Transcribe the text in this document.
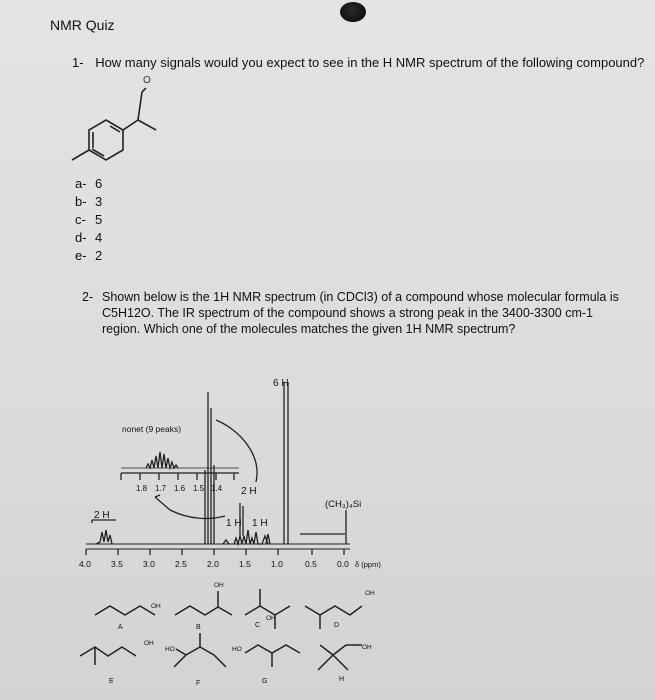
NMR Quiz
1- How many signals would you expect to see in the H NMR spectrum of the following compound?
O
a- 6
b- 3
c- 5
d- 4
e- 2
2- Shown below is the 1H NMR spectrum (in CDCl3) of a compound whose molecular formula is C5H12O. The IR spectrum of the compound shows a strong peak in the 3400-3300 cm-1 region. Which one of the molecules matches the given 1H NMR spectrum?
6 H
nonet (9 peaks)
2 H
2 H
1 H 1 H
(CH₃)₄Si
1.8 1.7 1.6 1.5 1.4
4.0 3.5 3.0 2.5 2.0 1.5 1.0	0.5 0.0 δ (ppm)
OH
OH
OH
OH
OH
HO	HO	OH
A	B	C	D
E	F	G	H
